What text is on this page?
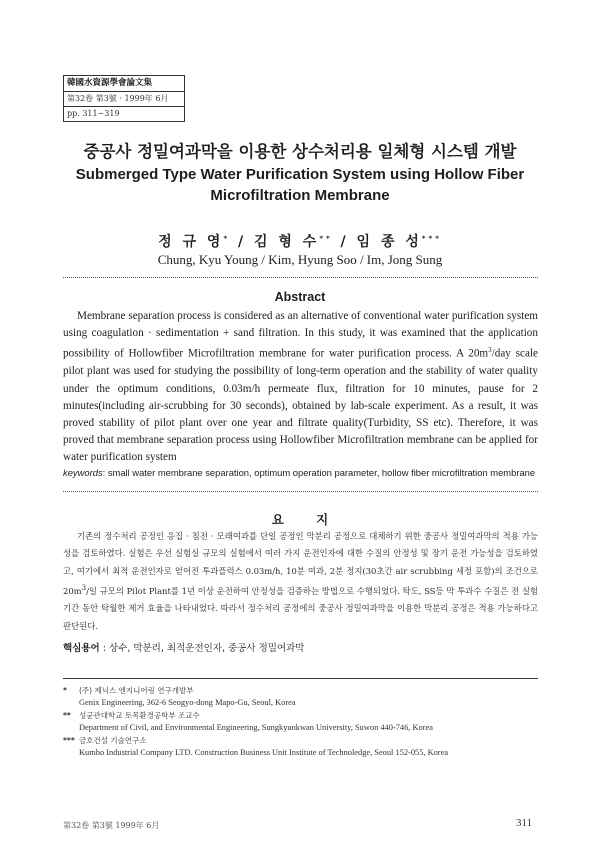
韓國水資源學會論文集
第32卷 第3號 · 1999年 6月
pp. 311∼319
중공사 정밀여과막을 이용한 상수처리용 일체형 시스템 개발
Submerged Type Water Purification System using Hollow Fiber Microfiltration Membrane
정 규 영* / 김 형 수** / 임 종 성***
Chung, Kyu Young / Kim, Hyung Soo / Im, Jong Sung
Abstract
Membrane separation process is considered as an alternative of conventional water purification system using coagulation · sedimentation + sand filtration. In this study, it was examined that the application possibility of Hollowfiber Microfiltration membrane for water purification process. A $20m^3$/day scale pilot plant was used for studying the possibility of long-term operation and the stability of water quality under the optimum conditions, 0.03m/h permeate flux, filtration for 10 minutes, pause for 2 minutes(including air-scrubbing for 30 seconds), obtained by lab-scale experiment. As a result, it was proved stability of pilot plant over one year and filtrate quality(Turbidity, SS etc). Therefore, it was proved that membrane separation process using Hollowfiber Microfiltration membrane can be applied for water purification system
keywords: small water membrane separation, optimum operation parameter, hollow fiber microfiltration membrane
요 지
기존의 정수처리 공정인 응집 · 침전 · 모래여과를 단일 공정인 막분리 공정으로 대체하기 위한 중공사 정밀여과막의 적용 가능성을 검토하였다. 실험은 우선 실험실 규모의 실험에서 여러 가지 운전인자에 대한 수질의 안정성 및 장기 운전 가능성을 검토하였고, 여기에서 최적 운전인자로 얻어진 투과플럭스 0.03m/h, 10분 여과, 2분 정지(30초간 air scrubbing 세정 포함)의 조건으로 $20m^3/$일 규모의 Pilot Plant를 1년 이상 운전하여 안정성을 검증하는 방법으로 수행되었다. 탁도, SS등 막 투과수 수질은 전 실험 기간 동안 탁월한 제거 효율을 나타내었다. 따라서 정수처리 공정에의 중공사 정밀여과막을 이용한 막분리 공정은 적용 가능하다고 판단된다.
핵심용어 : 상수, 막분리, 최적운전인자, 중공사 정밀여과막
* (주) 제닉스 엔지니어링 연구개발부
Genix Engineering, 362-6 Seogyo-dong Mapo-Gu, Seoul, Korea
** 성균관대학교 토목환경공학부 조교수
Department of Civil, and Environmental Engineering, Sungkyunkwan University, Suwon 440-746, Korea
*** 금호건설 기술연구소
Kumho Industrial Company LTD. Construction Business Unit Institute of Technoledge, Seoul 152-055, Korea
第32卷 第3號 1999年 6月	311
